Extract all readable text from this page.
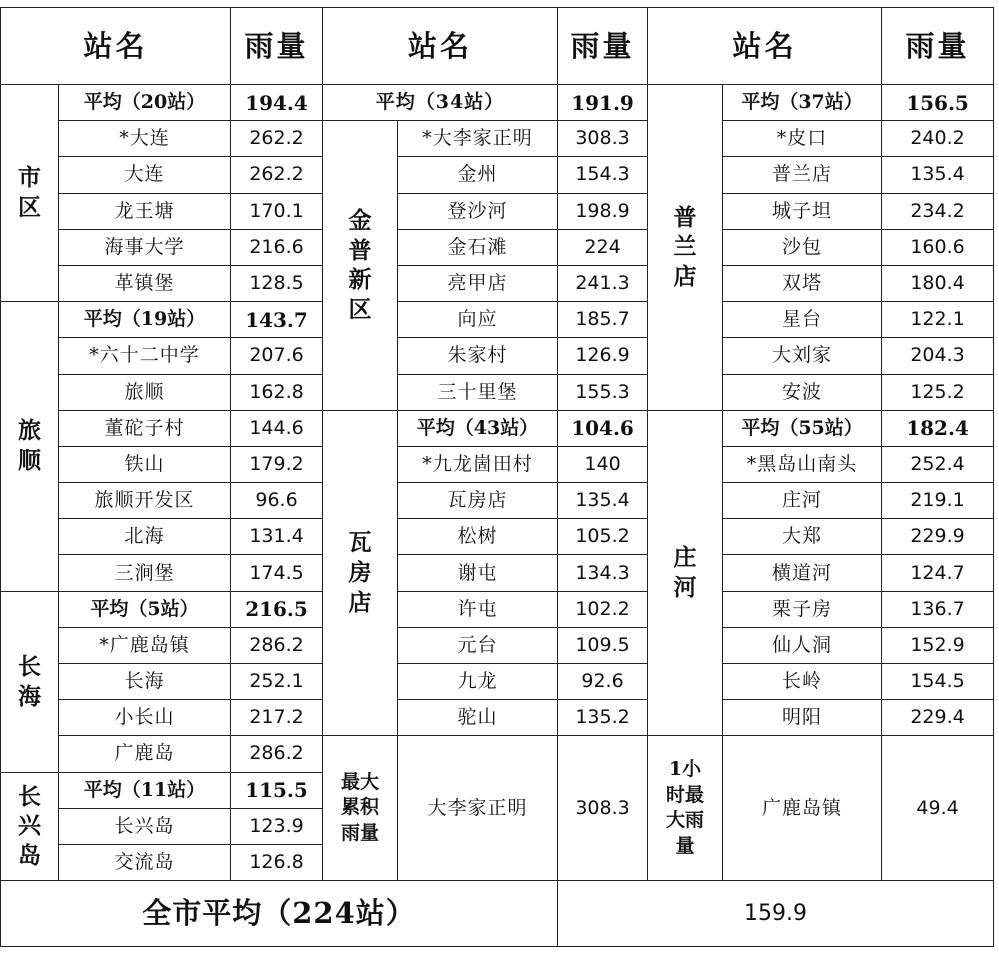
站名		雨量	站名		雨量	站名		雨量
市区	平均（20站）	194.4	平均（34站）		191.9	普兰店	平均（37站）	156.5
	*大连	262.2	金普新区	*大李家正明	308.3		*皮口	240.2
	大连	262.2		金州	154.3		普兰店	135.4
	龙王塘	170.1		登沙河	198.9		城子坦	234.2
	海事大学	216.6		金石滩	224		沙包	160.6
	革镇堡	128.5		亮甲店	241.3		双塔	180.4
旅顺	平均（19站）	143.7		向应	185.7		星台	122.1
	*六十二中学	207.6		朱家村	126.9		大刘家	204.3
	旅顺	162.8		三十里堡	155.3		安波	125.2
	董砣子村	144.6	瓦房店	平均（43站）	104.6	庄河	平均（55站）	182.4
	铁山	179.2		*九龙崮田村	140		*黑岛山南头	252.4
	旅顺开发区	96.6		瓦房店	135.4		庄河	219.1
	北海	131.4		松树	105.2		大郑	229.9
	三涧堡	174.5		谢屯	134.3		横道河	124.7
长海	平均（5站）	216.5		许屯	102.2		栗子房	136.7
	*广鹿岛镇	286.2		元台	109.5		仙人洞	152.9
	长海	252.1		九龙	92.6		长岭	154.5
	小长山	217.2		驼山	135.2		明阳	229.4
	广鹿岛	286.2	最大累积雨量	大李家正明	308.3	1小时最大雨量	广鹿岛镇	49.4
长兴岛	平均（11站）	115.5						
	长兴岛	123.9						
	交流岛	126.8						
全市平均（224站）					159.9			
